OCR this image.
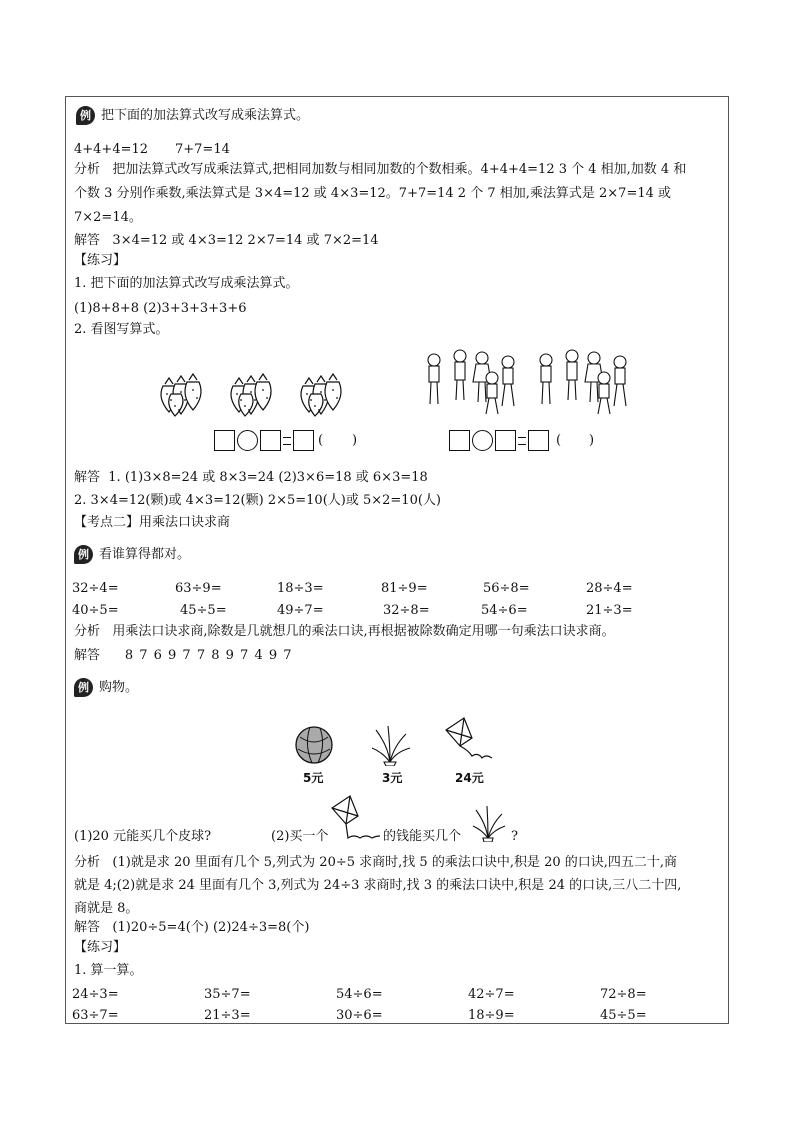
例 把下面的加法算式改写成乘法算式。
4+4+4=12 7+7=14
分析 把加法算式改写成乘法算式,把相同加数与相同加数的个数相乘。4+4+4=12 3 个 4 相加,加数 4 和
个数 3 分别作乘数,乘法算式是 3×4=12 或 4×3=12。7+7=14 2 个 7 相加,乘法算式是 2×7=14 或
7×2=14。
解答 3×4=12 或 4×3=12 2×7=14 或 7×2=14
【练习】
1. 把下面的加法算式改写成乘法算式。
(1)8+8+8 (2)3+3+3+3+6
2. 看图写算式。
( )	( )
解答 1. (1)3×8=24 或 8×3=24 (2)3×6=18 或 6×3=18
2. 3×4=12(颗)或 4×3=12(颗) 2×5=10(人)或 5×2=10(人)
【考点二】用乘法口诀求商
例 看谁算得都对。
32÷4=	63÷9=	18÷3=	81÷9=	56÷8=	28÷4=
40÷5=	45÷5=	49÷7=	32÷8=	54÷6=	21÷3=
分析 用乘法口诀求商,除数是几就想几的乘法口诀,再根据被除数确定用哪一句乘法口诀求商。
解答 8 7 6 9 7 7 8 9 7 4 9 7
例 购物。
5元	3元	24元
(1)20 元能买几个皮球?	(2)买一个	的钱能买几个	?
分析 (1)就是求 20 里面有几个 5,列式为 20÷5 求商时,找 5 的乘法口诀中,积是 20 的口诀,四五二十,商
就是 4;(2)就是求 24 里面有几个 3,列式为 24÷3 求商时,找 3 的乘法口诀中,积是 24 的口诀,三八二十四,
商就是 8。
解答 (1)20÷5=4(个) (2)24÷3=8(个)
【练习】
1. 算一算。
24÷3=	35÷7=	54÷6=	42÷7=	72÷8=
63÷7=	21÷3=	30÷6=	18÷9=	45÷5=
